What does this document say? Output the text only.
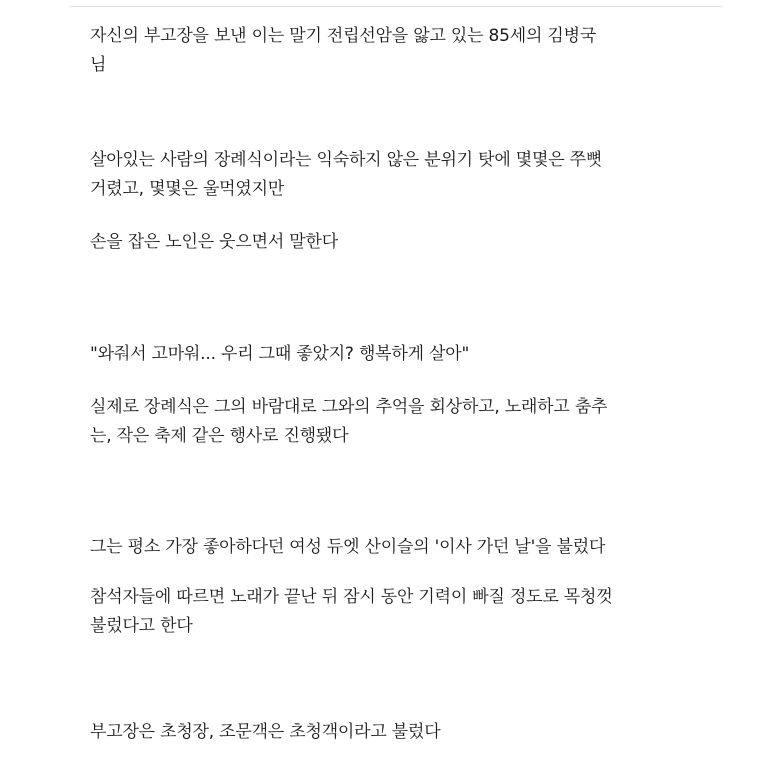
자신의 부고장을 보낸 이는 말기 전립선암을 앓고 있는 85세의 김병국
님

살아있는 사람의 장례식이라는 익숙하지 않은 분위기 탓에 몇몇은 쭈뼛
거렸고, 몇몇은 울먹였지만

손을 잡은 노인은 웃으면서 말한다

"와줘서 고마워... 우리 그때 좋았지? 행복하게 살아"

실제로 장례식은 그의 바람대로 그와의 추억을 회상하고, 노래하고 춤추
는, 작은 축제 같은 행사로 진행됐다

그는 평소 가장 좋아하다던 여성 듀엣 산이슬의 '이사 가던 날'을 불렀다

참석자들에 따르면 노래가 끝난 뒤 잠시 동안 기력이 빠질 정도로 목청껏
불렀다고 한다

부고장은 초청장, 조문객은 초청객이라고 불렀다
